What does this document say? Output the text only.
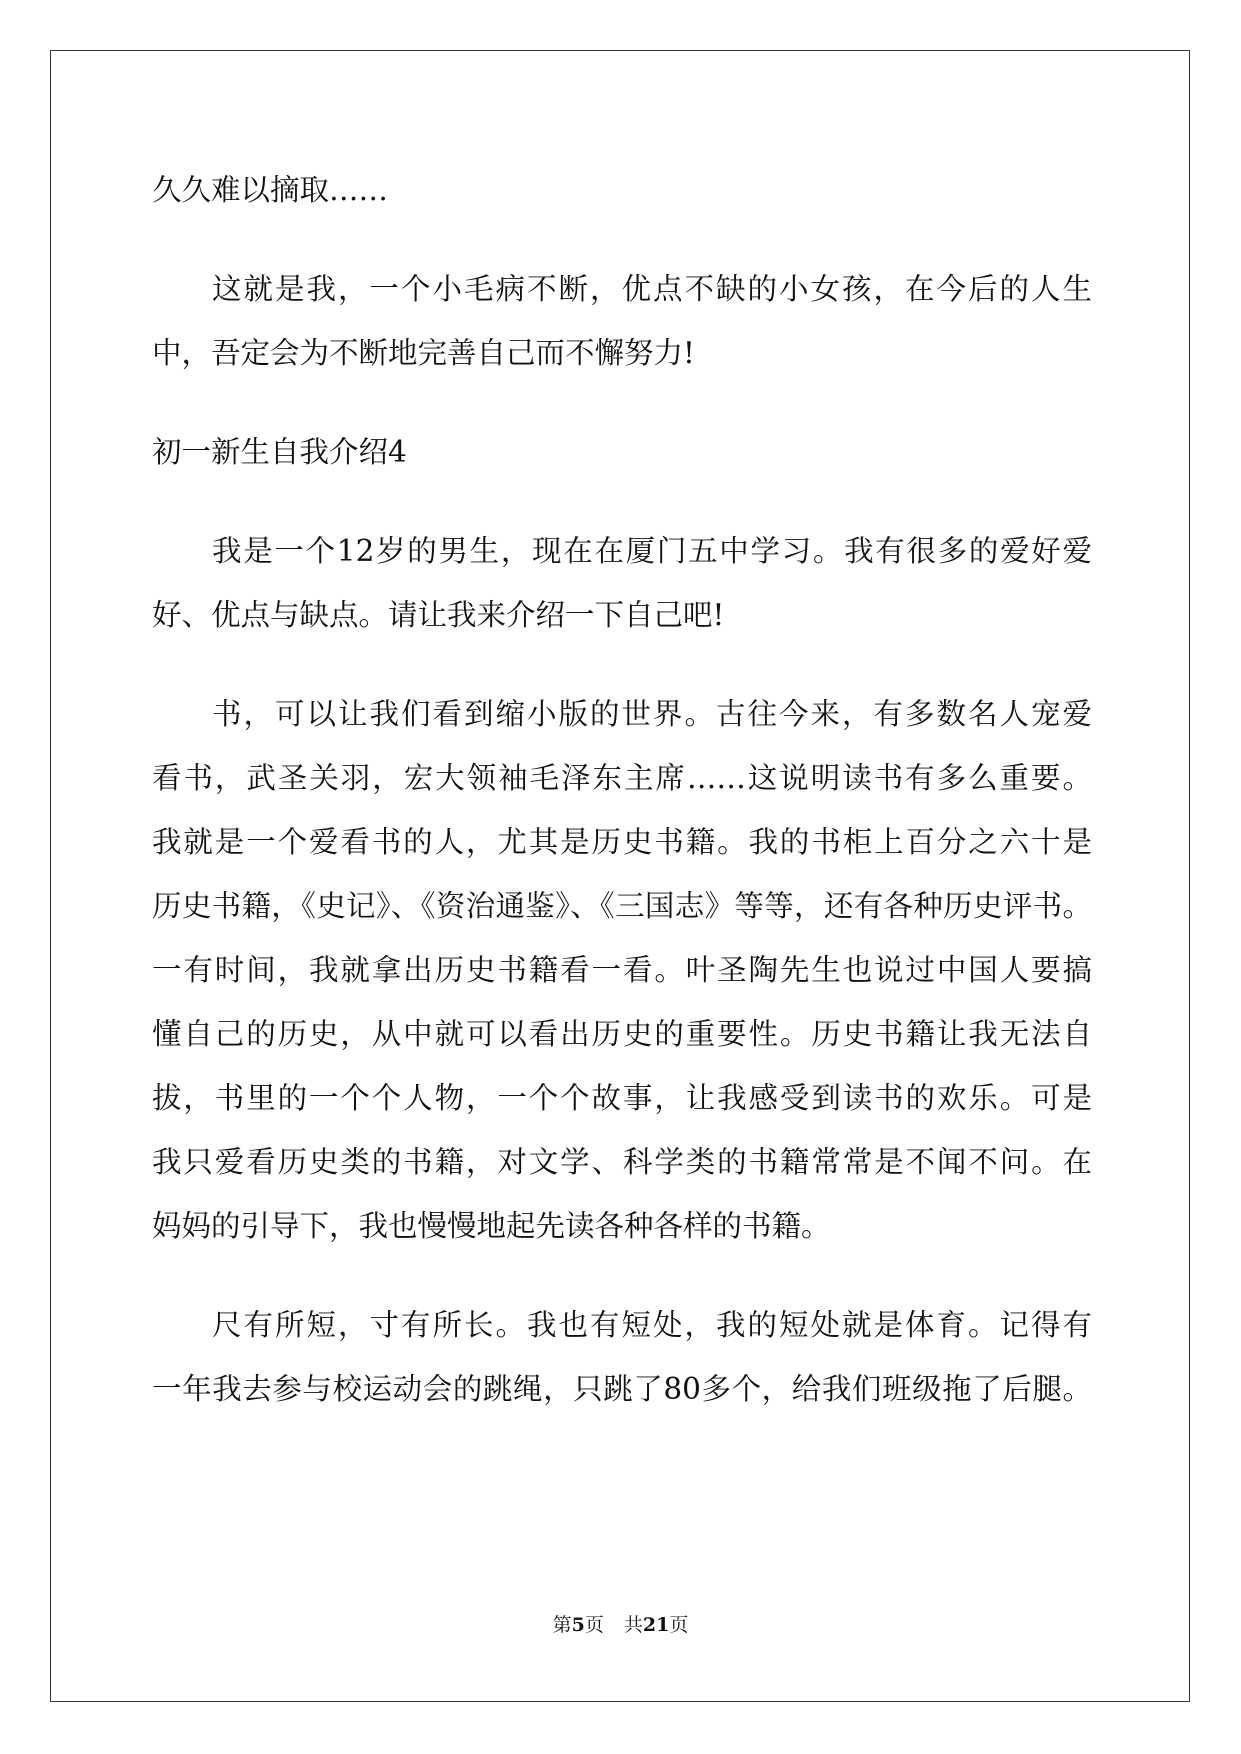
久久难以摘取……
这就是我，一个小毛病不断，优点不缺的小女孩，在今后的人生
中，吾定会为不断地完善自己而不懈努力!
初一新生自我介绍4
我是一个12岁的男生，现在在厦门五中学习。我有很多的爱好爱
好、优点与缺点。请让我来介绍一下自己吧!
书，可以让我们看到缩小版的世界。古往今来，有多数名人宠爱
看书，武圣关羽，宏大领袖毛泽东主席……这说明读书有多么重要。
我就是一个爱看书的人，尤其是历史书籍。我的书柜上百分之六十是
历史书籍，《史记》、《资治通鉴》、《三国志》等等，还有各种历史评书。
一有时间，我就拿出历史书籍看一看。叶圣陶先生也说过中国人要搞
懂自己的历史，从中就可以看出历史的重要性。历史书籍让我无法自
拔，书里的一个个人物，一个个故事，让我感受到读书的欢乐。可是
我只爱看历史类的书籍，对文学、科学类的书籍常常是不闻不问。在
妈妈的引导下，我也慢慢地起先读各种各样的书籍。
尺有所短，寸有所长。我也有短处，我的短处就是体育。记得有
一年我去参与校运动会的跳绳，只跳了80多个，给我们班级拖了后腿。
第5页 共21页
